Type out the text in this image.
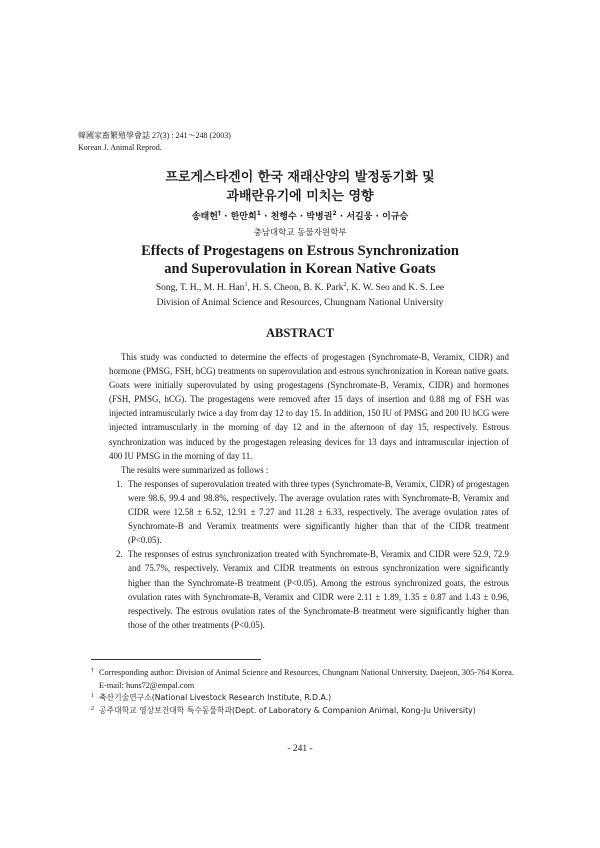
韓國家畜繁殖學會誌 27(3) : 241～248 (2003)
Korean J. Animal Reprod.
프로게스타겐이 한국 재래산양의 발정동기화 및
과배란유기에 미치는 영향
송태헌† · 한만희$^1$ · 천행수 · 박병권$^2$ · 서길웅 · 이규승
충남대학교 동물자원학부
Effects of Progestagens on Estrous Synchronization
and Superovulation in Korean Native Goats
Song, T. H., M. H. Han$^1$, H. S. Cheon, B. K. Park$^2$, K. W. Seo and K. S. Lee
Division of Animal Science and Resources, Chungnam National University
ABSTRACT

This study was conducted to determine the effects of progestagen (Synchromate-B, Veramix, CIDR) and hormone (PMSG, FSH, hCG) treatments on superovulation and estrous synchronization in Korean native goats. Goats were initially superovulated by using progestagens (Synchromate-B, Veramix, CIDR) and hormones (FSH, PMSG, hCG). The progestagens were removed after 15 days of insertion and 0.88 mg of FSH was injected intramuscularly twice a day from day 12 to day 15. In addition, 150 IU of PMSG and 200 IU hCG were injected intramuscularly in the morning of day 12 and in the afternoon of day 15, respectively. Estrous synchronization was induced by the progestagen releasing devices for 13 days and intramuscular injection of 400 IU PMSG in the morning of day 11.

The results were summarized as follows :

1. The responses of superovulation treated with three types (Synchromate-B, Veramix, CIDR) of progestagen were 98.6, 99.4 and 98.8%, respectively. The average ovulation rates with Synchromate-B, Veramix and CIDR were 12.58 ± 6.52, 12.91 ± 7.27 and 11.28 ± 6.33, respectively. The average ovulation rates of Synchromate-B and Veramix treatments were significantly higher than that of the CIDR treatment (P<0.05).
2. The responses of estrus synchronization treated with Synchromate-B, Veramix and CIDR were 52.9, 72.9 and 75.7%, respectively. Veramix and CIDR treatments on estrous synchronization were significantly higher than the Synchromate-B treatment (P<0.05). Among the estrous synchronized goats, the estrous ovulation rates with Synchromate-B, Veramix and CIDR were 2.11 ± 1.89, 1.35 ± 0.87 and 1.43 ± 0.96, respectively. The estrous ovulation rates of the Synchromate-B treatment were significantly higher than those of the other treatments (P<0.05).
† Corresponding author: Division of Animal Science and Resources, Chungnam National University, Daejeon, 305-764 Korea. E-mail: huns72@empal.com
1 축산기술연구소(National Livestock Research Institute, R.D.A.)
2 공주대학교 영상보건대학 특수동물학과(Dept. of Laboratory & Companion Animal, Kong-Ju University)
- 241 -
